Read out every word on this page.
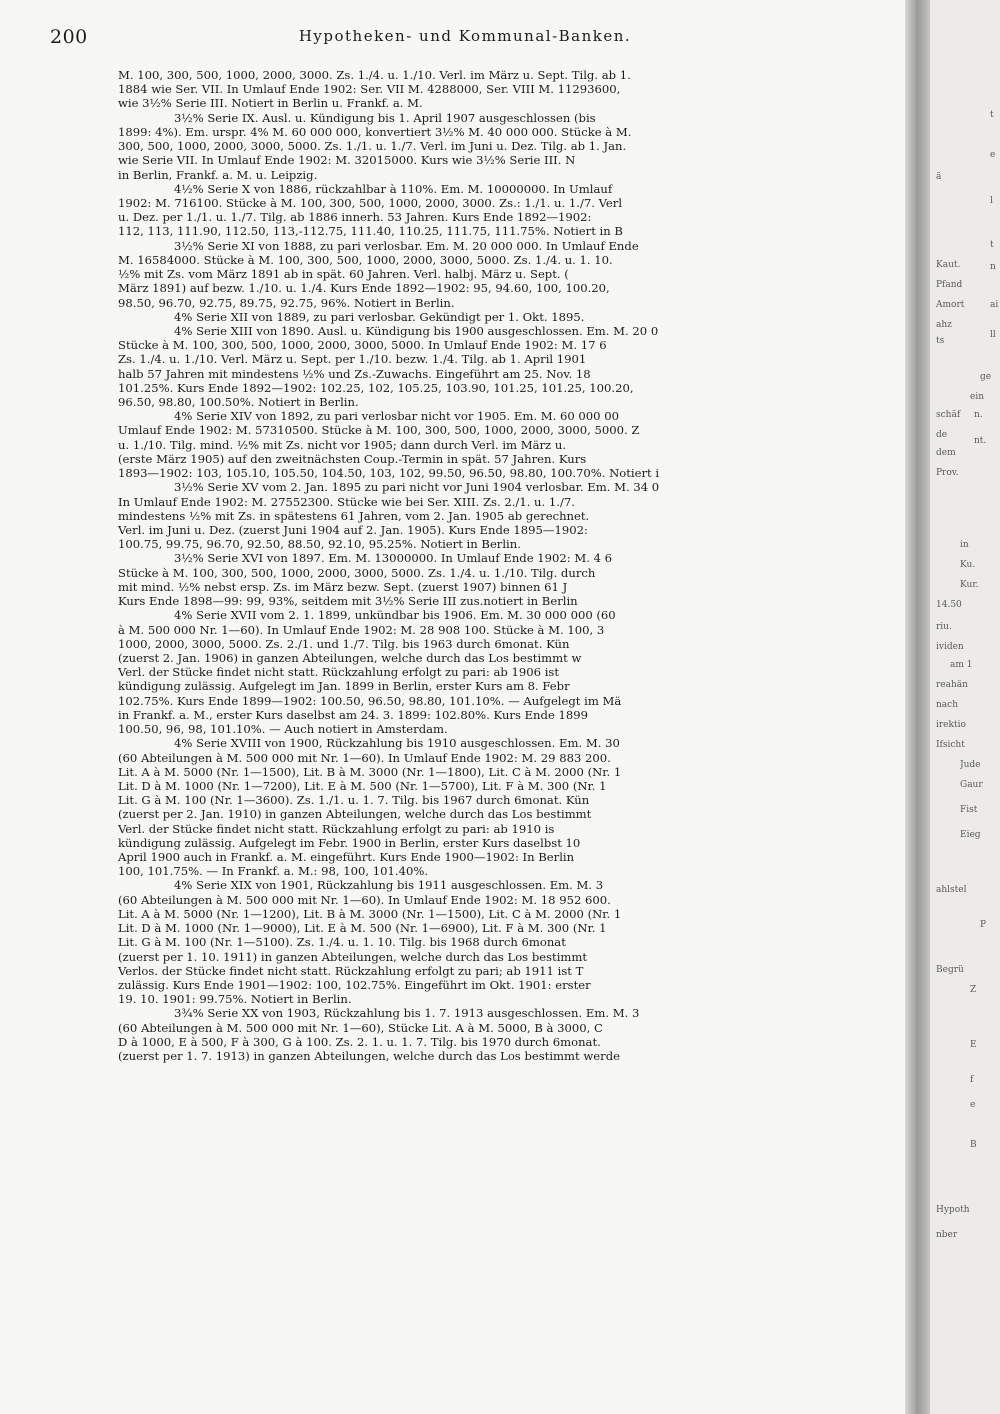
200	Hypotheken- und Kommunal-Banken.
M. 100, 300, 500, 1000, 2000, 3000. Zs. 1./4. u. 1./10. Verl. im März u. Sept. Tilg. ab 1.
1884 wie Ser. VII. In Umlauf Ende 1902: Ser. VII M. 4288000, Ser. VIII M. 11293600,
wie 3½% Serie III. Notiert in Berlin u. Frankf. a. M.
3½% Serie IX. Ausl. u. Kündigung bis 1. April 1907 ausgeschlossen (bis
1899: 4%). Em. urspr. 4% M. 60 000 000, konvertiert 3½% M. 40 000 000. Stücke à M.
300, 500, 1000, 2000, 3000, 5000. Zs. 1./1. u. 1./7. Verl. im Juni u. Dez. Tilg. ab 1. Jan.
wie Serie VII. In Umlauf Ende 1902: M. 32015000. Kurs wie 3½% Serie III. N
in Berlin, Frankf. a. M. u. Leipzig.
4½% Serie X von 1886, rückzahlbar à 110%. Em. M. 10000000. In Umlauf
1902: M. 716100. Stücke à M. 100, 300, 500, 1000, 2000, 3000. Zs.: 1./1. u. 1./7. Verl
u. Dez. per 1./1. u. 1./7. Tilg. ab 1886 innerh. 53 Jahren. Kurs Ende 1892—1902:
112, 113, 111.90, 112.50, 113,-112.75, 111.40, 110.25, 111.75, 111.75%. Notiert in B
3½% Serie XI von 1888, zu pari verlosbar. Em. M. 20 000 000. In Umlauf Ende
M. 16584000. Stücke à M. 100, 300, 500, 1000, 2000, 3000, 5000. Zs. 1./4. u. 1. 10.
½% mit Zs. vom März 1891 ab in spät. 60 Jahren. Verl. halbj. März u. Sept. (
März 1891) auf bezw. 1./10. u. 1./4. Kurs Ende 1892—1902: 95, 94.60, 100, 100.20,
98.50, 96.70, 92.75, 89.75, 92.75, 96%. Notiert in Berlin.
4% Serie XII von 1889, zu pari verlosbar. Gekündigt per 1. Okt. 1895.
4% Serie XIII von 1890. Ausl. u. Kündigung bis 1900 ausgeschlossen. Em. M. 20 0
Stücke à M. 100, 300, 500, 1000, 2000, 3000, 5000. In Umlauf Ende 1902: M. 17 6
Zs. 1./4. u. 1./10. Verl. März u. Sept. per 1./10. bezw. 1./4. Tilg. ab 1. April 1901
halb 57 Jahren mit mindestens ½% und Zs.-Zuwachs. Eingeführt am 25. Nov. 18
101.25%. Kurs Ende 1892—1902: 102.25, 102, 105.25, 103.90, 101.25, 101.25, 100.20,
96.50, 98.80, 100.50%. Notiert in Berlin.
4% Serie XIV von 1892, zu pari verlosbar nicht vor 1905. Em. M. 60 000 00
Umlauf Ende 1902: M. 57310500. Stücke à M. 100, 300, 500, 1000, 2000, 3000, 5000. Z
u. 1./10. Tilg. mind. ½% mit Zs. nicht vor 1905; dann durch Verl. im März u.
(erste März 1905) auf den zweitnächsten Coup.-Termin in spät. 57 Jahren. Kurs
1893—1902: 103, 105.10, 105.50, 104.50, 103, 102, 99.50, 96.50, 98.80, 100.70%. Notiert i
3½% Serie XV vom 2. Jan. 1895 zu pari nicht vor Juni 1904 verlosbar. Em. M. 34 0
In Umlauf Ende 1902: M. 27552300. Stücke wie bei Ser. XIII. Zs. 2./1. u. 1./7.
mindestens ½% mit Zs. in spätestens 61 Jahren, vom 2. Jan. 1905 ab gerechnet.
Verl. im Juni u. Dez. (zuerst Juni 1904 auf 2. Jan. 1905). Kurs Ende 1895—1902:
100.75, 99.75, 96.70, 92.50, 88.50, 92.10, 95.25%. Notiert in Berlin.
3½% Serie XVI von 1897. Em. M. 13000000. In Umlauf Ende 1902: M. 4 6
Stücke à M. 100, 300, 500, 1000, 2000, 3000, 5000. Zs. 1./4. u. 1./10. Tilg. durch
mit mind. ½% nebst ersp. Zs. im März bezw. Sept. (zuerst 1907) binnen 61 J
Kurs Ende 1898—99: 99, 93%, seitdem mit 3½% Serie III zus.notiert in Berlin
4% Serie XVII vom 2. 1. 1899, unkündbar bis 1906. Em. M. 30 000 000 (60
à M. 500 000 Nr. 1—60). In Umlauf Ende 1902: M. 28 908 100. Stücke à M. 100, 3
1000, 2000, 3000, 5000. Zs. 2./1. und 1./7. Tilg. bis 1963 durch 6monat. Kün
(zuerst 2. Jan. 1906) in ganzen Abteilungen, welche durch das Los bestimmt w
Verl. der Stücke findet nicht statt. Rückzahlung erfolgt zu pari: ab 1906 ist
kündigung zulässig. Aufgelegt im Jan. 1899 in Berlin, erster Kurs am 8. Febr
102.75%. Kurs Ende 1899—1902: 100.50, 96.50, 98.80, 101.10%. — Aufgelegt im Mä
in Frankf. a. M., erster Kurs daselbst am 24. 3. 1899: 102.80%. Kurs Ende 1899
100.50, 96, 98, 101.10%. — Auch notiert in Amsterdam.
4% Serie XVIII von 1900, Rückzahlung bis 1910 ausgeschlossen. Em. M. 30
(60 Abteilungen à M. 500 000 mit Nr. 1—60). In Umlauf Ende 1902: M. 29 883 200.
Lit. A à M. 5000 (Nr. 1—1500), Lit. B à M. 3000 (Nr. 1—1800), Lit. C à M. 2000 (Nr. 1
Lit. D à M. 1000 (Nr. 1—7200), Lit. E à M. 500 (Nr. 1—5700), Lit. F à M. 300 (Nr. 1
Lit. G à M. 100 (Nr. 1—3600). Zs. 1./1. u. 1. 7. Tilg. bis 1967 durch 6monat. Kün
(zuerst per 2. Jan. 1910) in ganzen Abteilungen, welche durch das Los bestimmt
Verl. der Stücke findet nicht statt. Rückzahlung erfolgt zu pari: ab 1910 is
kündigung zulässig. Aufgelegt im Febr. 1900 in Berlin, erster Kurs daselbst 10
April 1900 auch in Frankf. a. M. eingeführt. Kurs Ende 1900—1902: In Berlin
100, 101.75%. — In Frankf. a. M.: 98, 100, 101.40%.
4% Serie XIX von 1901, Rückzahlung bis 1911 ausgeschlossen. Em. M. 3
(60 Abteilungen à M. 500 000 mit Nr. 1—60). In Umlauf Ende 1902: M. 18 952 600.
Lit. A à M. 5000 (Nr. 1—1200), Lit. B à M. 3000 (Nr. 1—1500), Lit. C à M. 2000 (Nr. 1
Lit. D à M. 1000 (Nr. 1—9000), Lit. E à M. 500 (Nr. 1—6900), Lit. F à M. 300 (Nr. 1
Lit. G à M. 100 (Nr. 1—5100). Zs. 1./4. u. 1. 10. Tilg. bis 1968 durch 6monat
(zuerst per 1. 10. 1911) in ganzen Abteilungen, welche durch das Los bestimmt
Verlos. der Stücke findet nicht statt. Rückzahlung erfolgt zu pari; ab 1911 ist T
zulässig. Kurs Ende 1901—1902: 100, 102.75%. Eingeführt im Okt. 1901: erster
19. 10. 1901: 99.75%. Notiert in Berlin.
3¾% Serie XX von 1903, Rückzahlung bis 1. 7. 1913 ausgeschlossen. Em. M. 3
(60 Abteilungen à M. 500 000 mit Nr. 1—60), Stücke Lit. A à M. 5000, B à 3000, C
D à 1000, E à 500, F à 300, G à 100. Zs. 2. 1. u. 1. 7. Tilg. bis 1970 durch 6monat.
(zuerst per 1. 7. 1913) in ganzen Abteilungen, welche durch das Los bestimmt werde
t
e
ä
l
t
n
ai
ll
ge
ein
n.
nt.
Kaut.
Pfand
Amort
ahz
ts
schäf
de
dem
Prov.
in
Ku.
Kur.
14.50
riu.
ividen
am 1
reahän
nach
irektio
Ifsicht
Jude
Gaur
Fist
Eieg
ahlstel
P
Begrü
Z
E
f
e
B
Hypoth
nber
